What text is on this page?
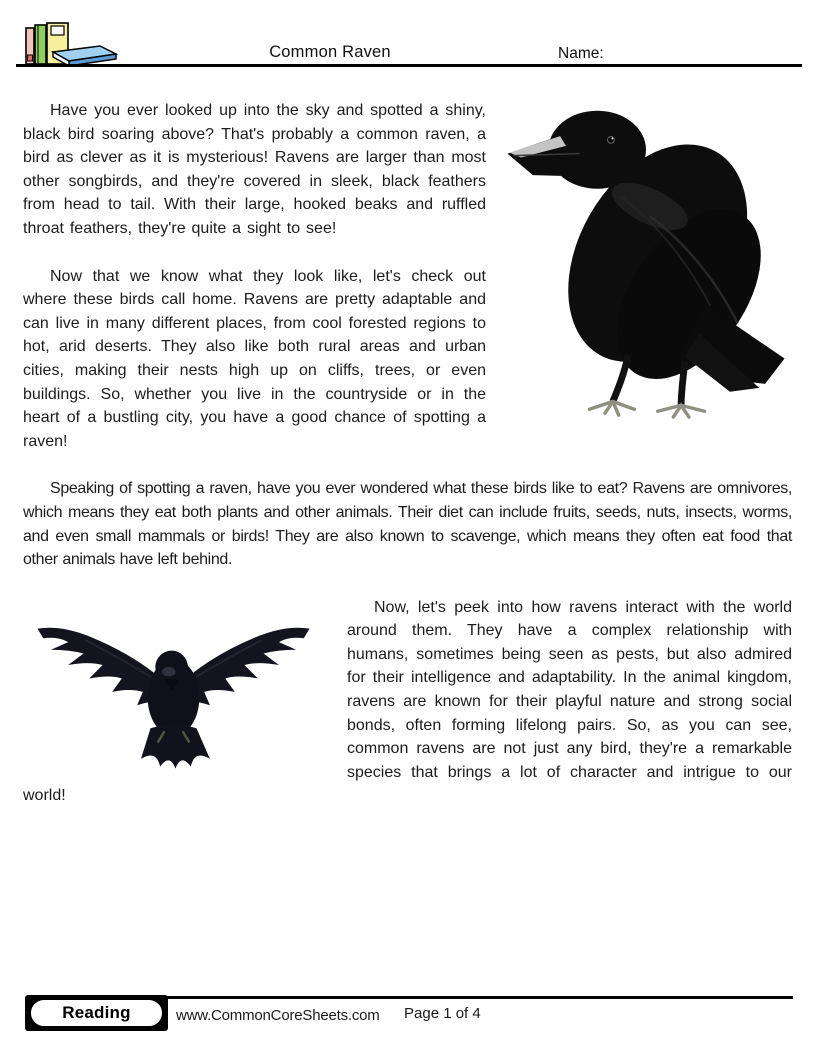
Common Raven	Name:

Have you ever looked up into the sky and spotted a shiny, black bird soaring above? That's probably a common raven, a bird as clever as it is mysterious! Ravens are larger than most other songbirds, and they're covered in sleek, black feathers from head to tail. With their large, hooked beaks and ruffled throat feathers, they're quite a sight to see!

Now that we know what they look like, let's check out where these birds call home. Ravens are pretty adaptable and can live in many different places, from cool forested regions to hot, arid deserts. They also like both rural areas and urban cities, making their nests high up on cliffs, trees, or even buildings. So, whether you live in the countryside or in the heart of a bustling city, you have a good chance of spotting a raven!

Speaking of spotting a raven, have you ever wondered what these birds like to eat? Ravens are omnivores, which means they eat both plants and other animals. Their diet can include fruits, seeds, nuts, insects, worms, and even small mammals or birds! They are also known to scavenge, which means they often eat food that other animals have left behind.

Now, let's peek into how ravens interact with the world around them. They have a complex relationship with humans, sometimes being seen as pests, but also admired for their intelligence and adaptability. In the animal kingdom, ravens are known for their playful nature and strong social bonds, often forming lifelong pairs. So, as you can see, common ravens are not just any bird, they're a remarkable species that brings a lot of character and intrigue to our world!

Reading	www.CommonCoreSheets.com Page 1 of 4
